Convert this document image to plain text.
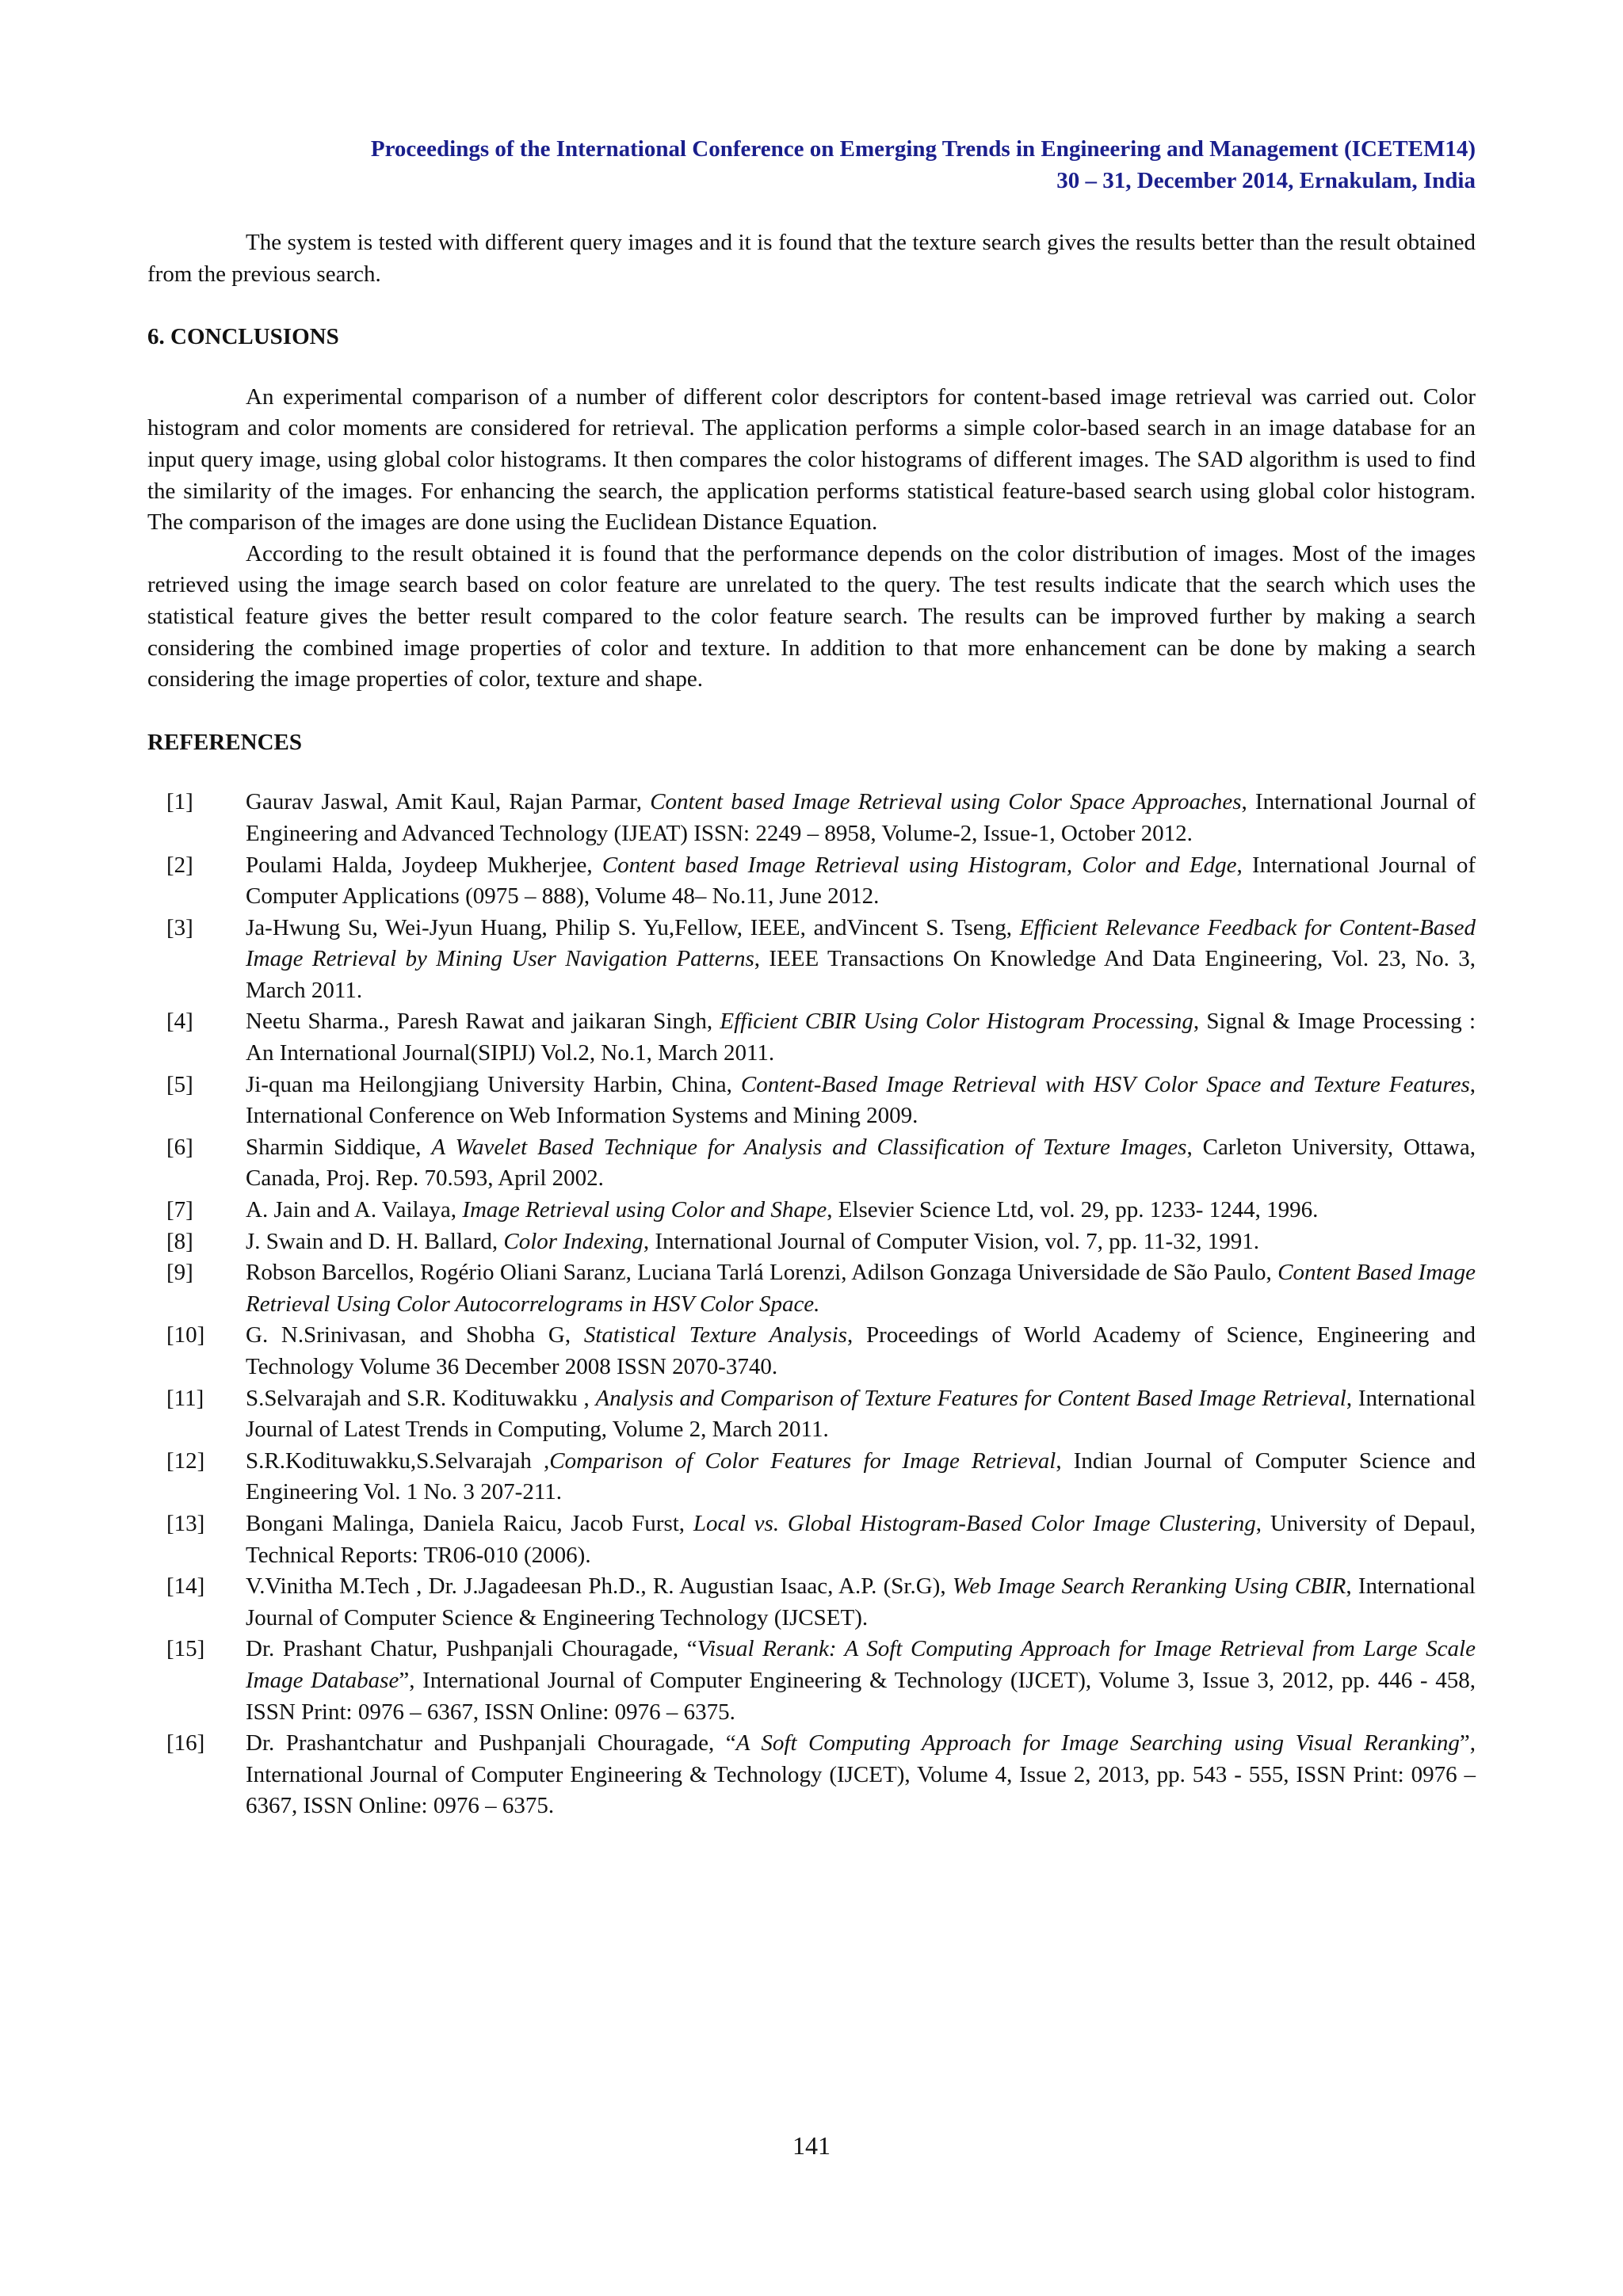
Proceedings of the International Conference on Emerging Trends in Engineering and Management (ICETEM14)
30 – 31, December 2014, Ernakulam, India

The system is tested with different query images and it is found that the texture search gives the results better than the result obtained from the previous search.

6. CONCLUSIONS

An experimental comparison of a number of different color descriptors for content-based image retrieval was carried out. Color histogram and color moments are considered for retrieval. The application performs a simple color-based search in an image database for an input query image, using global color histograms. It then compares the color histograms of different images. The SAD algorithm is used to find the similarity of the images. For enhancing the search, the application performs statistical feature-based search using global color histogram. The comparison of the images are done using the Euclidean Distance Equation.

According to the result obtained it is found that the performance depends on the color distribution of images. Most of the images retrieved using the image search based on color feature are unrelated to the query. The test results indicate that the search which uses the statistical feature gives the better result compared to the color feature search. The results can be improved further by making a search considering the combined image properties of color and texture. In addition to that more enhancement can be done by making a search considering the image properties of color, texture and shape.

REFERENCES
[1]	Gaurav Jaswal, Amit Kaul, Rajan Parmar, Content based Image Retrieval using Color Space Approaches, International Journal of Engineering and Advanced Technology (IJEAT) ISSN: 2249 – 8958, Volume-2, Issue-1, October 2012.
[2]	Poulami Halda, Joydeep Mukherjee, Content based Image Retrieval using Histogram, Color and Edge, International Journal of Computer Applications (0975 – 888), Volume 48– No.11, June 2012.
[3]	Ja-Hwung Su, Wei-Jyun Huang, Philip S. Yu,Fellow, IEEE, andVincent S. Tseng, Efficient Relevance Feedback for Content-Based Image Retrieval by Mining User Navigation Patterns, IEEE Transactions On Knowledge And Data Engineering, Vol. 23, No. 3, March 2011.
[4]	Neetu Sharma., Paresh Rawat and jaikaran Singh, Efficient CBIR Using Color Histogram Processing, Signal & Image Processing : An International Journal(SIPIJ) Vol.2, No.1, March 2011.
[5]	Ji-quan ma Heilongjiang University Harbin, China, Content-Based Image Retrieval with HSV Color Space and Texture Features, International Conference on Web Information Systems and Mining 2009.
[6]	Sharmin Siddique, A Wavelet Based Technique for Analysis and Classification of Texture Images, Carleton University, Ottawa, Canada, Proj. Rep. 70.593, April 2002.
[7]	A. Jain and A. Vailaya, Image Retrieval using Color and Shape, Elsevier Science Ltd, vol. 29, pp. 1233- 1244, 1996.
[8]	J. Swain and D. H. Ballard, Color Indexing, International Journal of Computer Vision, vol. 7, pp. 11-32, 1991.
[9]	Robson Barcellos, Rogério Oliani Saranz, Luciana Tarlá Lorenzi, Adilson Gonzaga Universidade de São Paulo, Content Based Image Retrieval Using Color Autocorrelograms in HSV Color Space.
[10]	G. N.Srinivasan, and Shobha G, Statistical Texture Analysis, Proceedings of World Academy of Science, Engineering and Technology Volume 36 December 2008 ISSN 2070-3740.
[11]	S.Selvarajah and S.R. Kodituwakku , Analysis and Comparison of Texture Features for Content Based Image Retrieval, International Journal of Latest Trends in Computing, Volume 2, March 2011.
[12]	S.R.Kodituwakku,S.Selvarajah ,Comparison of Color Features for Image Retrieval, Indian Journal of Computer Science and Engineering Vol. 1 No. 3 207-211.
[13]	Bongani Malinga, Daniela Raicu, Jacob Furst, Local vs. Global Histogram-Based Color Image Clustering, University of Depaul, Technical Reports: TR06-010 (2006).
[14]	V.Vinitha M.Tech , Dr. J.Jagadeesan Ph.D., R. Augustian Isaac, A.P. (Sr.G), Web Image Search Reranking Using CBIR, International Journal of Computer Science & Engineering Technology (IJCSET).
[15]	Dr. Prashant Chatur, Pushpanjali Chouragade, “Visual Rerank: A Soft Computing Approach for Image Retrieval from Large Scale Image Database”, International Journal of Computer Engineering & Technology (IJCET), Volume 3, Issue 3, 2012, pp. 446 - 458, ISSN Print: 0976 – 6367, ISSN Online: 0976 – 6375.
[16]	Dr. Prashantchatur and Pushpanjali Chouragade, “A Soft Computing Approach for Image Searching using Visual Reranking”, International Journal of Computer Engineering & Technology (IJCET), Volume 4, Issue 2, 2013, pp. 543 - 555, ISSN Print: 0976 – 6367, ISSN Online: 0976 – 6375.
141
